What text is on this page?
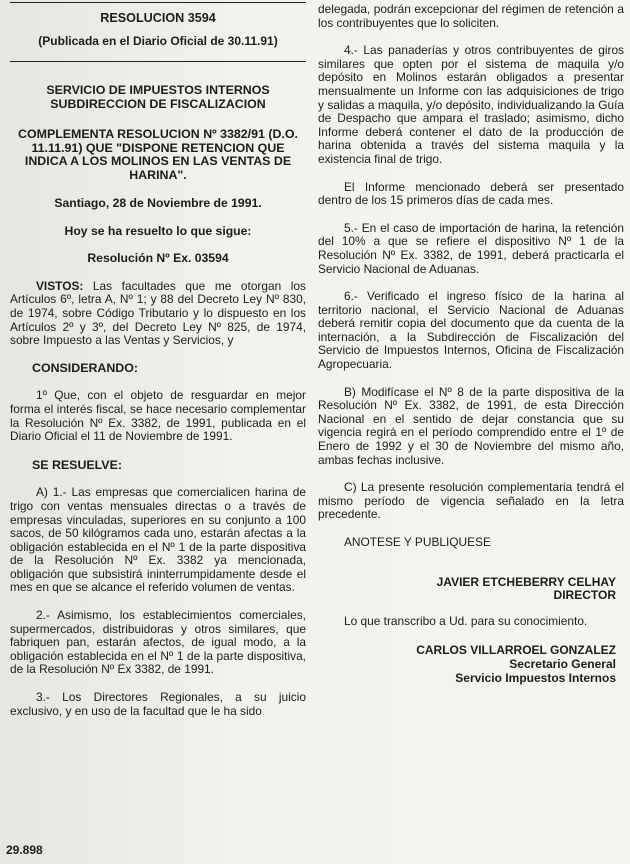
RESOLUCION 3594
(Publicada en el Diario Oficial de 30.11.91)
SERVICIO DE IMPUESTOS INTERNOS
SUBDIRECCION DE FISCALIZACION
COMPLEMENTA RESOLUCION Nº 3382/91 (D.O. 11.11.91) QUE "DISPONE RETENCION QUE INDICA A LOS MOLINOS EN LAS VENTAS DE HARINA".
Santiago, 28 de Noviembre de 1991.
Hoy se ha resuelto lo que sigue:
Resolución Nº Ex. 03594

VISTOS: Las facultades que me otorgan los Artículos 6º, letra A, Nº 1; y 88 del Decreto Ley Nº 830, de 1974, sobre Código Tributario y lo dispuesto en los Artículos 2º y 3º, del Decreto Ley Nº 825, de 1974, sobre Impuesto a las Ventas y Servicios, y

CONSIDERANDO:

1º Que, con el objeto de resguardar en mejor forma el interés fiscal, se hace necesario complementar la Resolución Nº Ex. 3382, de 1991, publicada en el Diario Oficial el 11 de Noviembre de 1991.

SE RESUELVE:

A) 1.- Las empresas que comercialicen harina de trigo con ventas mensuales directas o a través de empresas vinculadas, superiores en su conjunto a 100 sacos, de 50 kilógramos cada uno, estarán afectas a la obligación establecida en el Nº 1 de la parte dispositiva de la Resolución Nº Ex. 3382 ya mencionada, obligación que subsistirá ininterrumpidamente desde el mes en que se alcance el referido volumen de ventas.

2.- Asimismo, los establecimientos comerciales, supermercados, distribuidoras y otros similares, que fabriquen pan, estarán afectos, de igual modo, a la obligación establecida en el Nº 1 de la parte dispositiva, de la Resolución Nº Ex 3382, de 1991.

3.- Los Directores Regionales, a su juicio exclusivo, y en uso de la facultad que le ha sido

29.898

delegada, podrán excepcionar del régimen de retención a los contribuyentes que lo soliciten.

4.- Las panaderías y otros contribuyentes de giros similares que opten por el sistema de maquila y/o depósito en Molinos estarán obligados a presentar mensualmente un Informe con las adquisiciones de trigo y salidas a maquila, y/o depósito, individualizando la Guía de Despacho que ampara el traslado; asimismo, dicho Informe deberá contener el dato de la producción de harina obtenida a través del sistema maquila y la existencia final de trigo.

El Informe mencionado deberá ser presentado dentro de los 15 primeros días de cada mes.

5.- En el caso de importación de harina, la retención del 10% a que se refiere el dispositivo Nº 1 de la Resolución Nº Ex. 3382, de 1991, deberá practicarla el Servicio Nacional de Aduanas.

6.- Verificado el ingreso físico de la harina al territorio nacional, el Servicio Nacional de Aduanas deberá remitir copia del documento que da cuenta de la internación, a la Subdirección de Fiscalización del Servicio de Impuestos Internos, Oficina de Fiscalización Agropecuaria.

B) Modifícase el Nº 8 de la parte dispositiva de la Resolución Nº Ex. 3382, de 1991, de esta Dirección Nacional en el sentido de dejar constancia que su vigencia regirá en el período comprendido entre el 1º de Enero de 1992 y el 30 de Noviembre del mismo año, ambas fechas inclusive.

C) La presente resolución complementaria tendrá el mismo período de vigencia señalado en la letra precedente.

ANOTESE Y PUBLIQUESE

JAVIER ETCHEBERRY CELHAY
DIRECTOR

Lo que transcribo a Ud. para su conocimiento.

CARLOS VILLARROEL GONZALEZ
Secretario General
Servicio Impuestos Internos
